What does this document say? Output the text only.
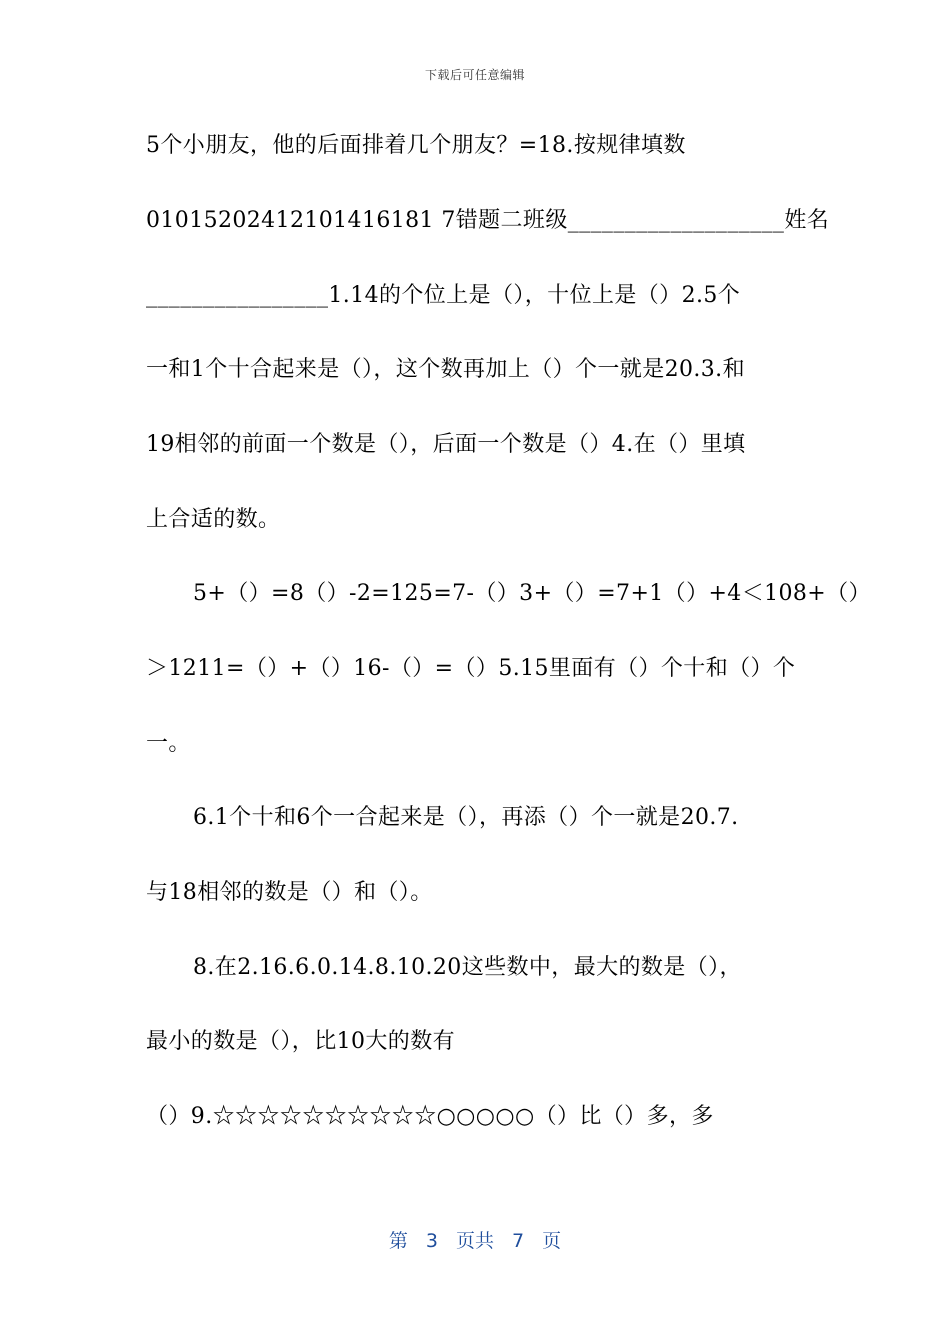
下载后可任意编辑
5个小朋友，他的后面排着几个朋友？=18.按规律填数
01015202412101416181 7错题二班级___________________姓名
________________1.14的个位上是（），十位上是（）2.5个
一和1个十合起来是（），这个数再加上（）个一就是20.3.和
19相邻的前面一个数是（），后面一个数是（）4.在（）里填
上合适的数。
5+（）=8（）-2=125=7-（）3+（）=7+1（）+4＜108+（）
＞1211=（）+（）16-（）=（）5.15里面有（）个十和（）个
一。
6.1个十和6个一合起来是（），再添（）个一就是20.7.
与18相邻的数是（）和（）。
8.在2.16.6.0.14.8.10.20这些数中，最大的数是（），
最小的数是（），比10大的数有
（）9.☆☆☆☆☆☆☆☆☆☆○○○○○（）比（）多，多
第 3 页共 7 页
